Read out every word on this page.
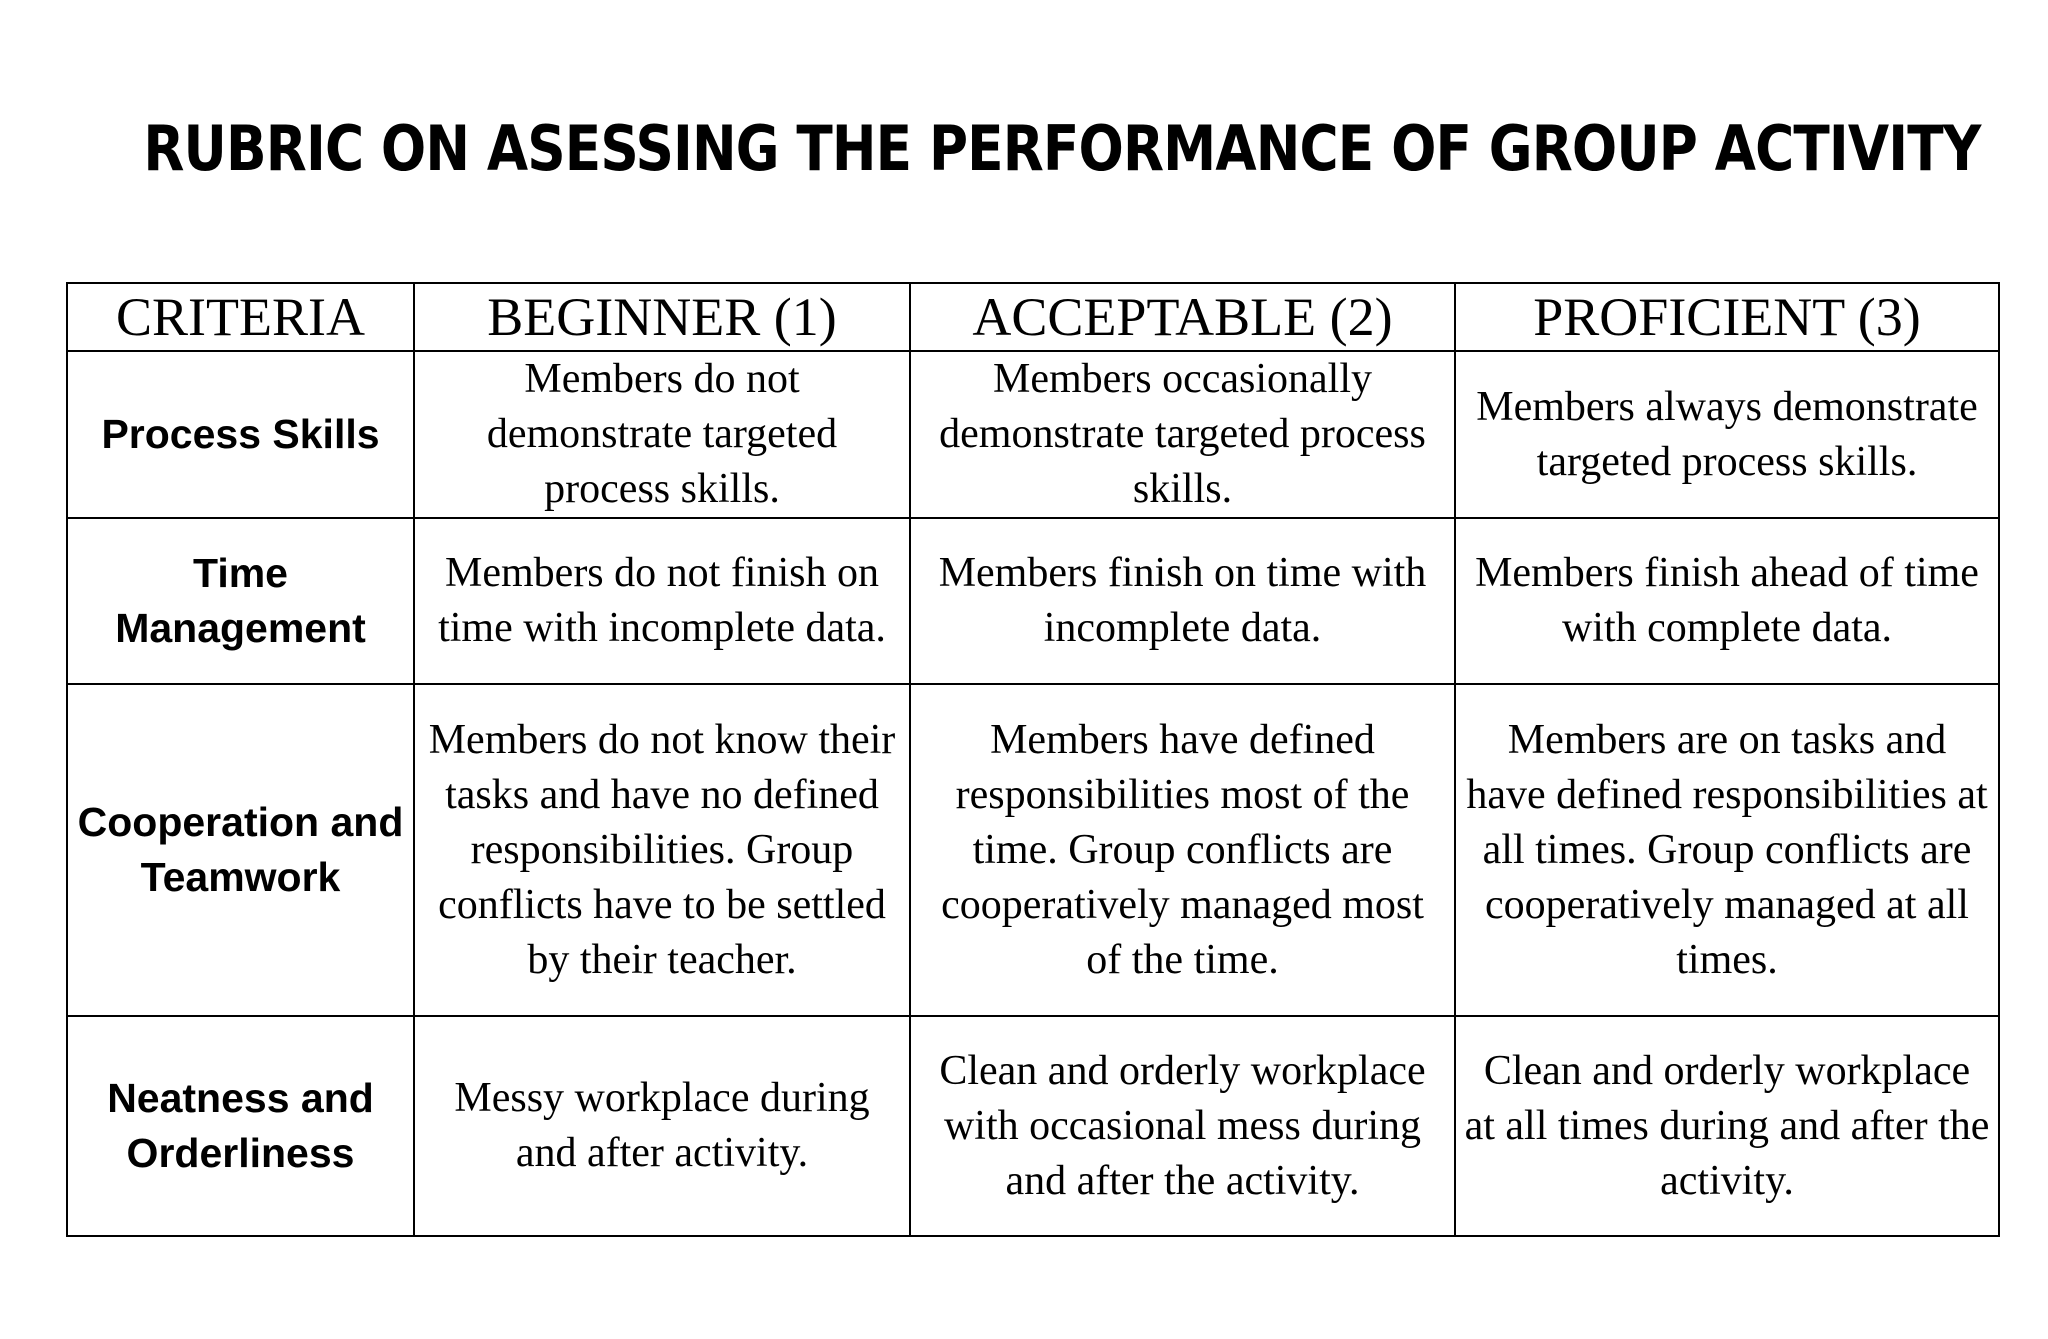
RUBRIC ON ASESSING THE PERFORMANCE OF GROUP ACTIVITY
CRITERIA	BEGINNER (1)	ACCEPTABLE (2)	PROFICIENT (3)
Process Skills	Members do not demonstrate targeted process skills.	Members occasionally demonstrate targeted process skills.	Members always demonstrate targeted process skills.
Time Management	Members do not finish on time with incomplete data.	Members finish on time with incomplete data.	Members finish ahead of time with complete data.
Cooperation and Teamwork	Members do not know their tasks and have no defined responsibilities. Group conflicts have to be settled by their teacher.	Members have defined responsibilities most of the time. Group conflicts are cooperatively managed most of the time.	Members are on tasks and have defined responsibilities at all times. Group conflicts are cooperatively managed at all times.
Neatness and Orderliness	Messy workplace during and after activity.	Clean and orderly workplace with occasional mess during and after the activity.	Clean and orderly workplace at all times during and after the activity.
